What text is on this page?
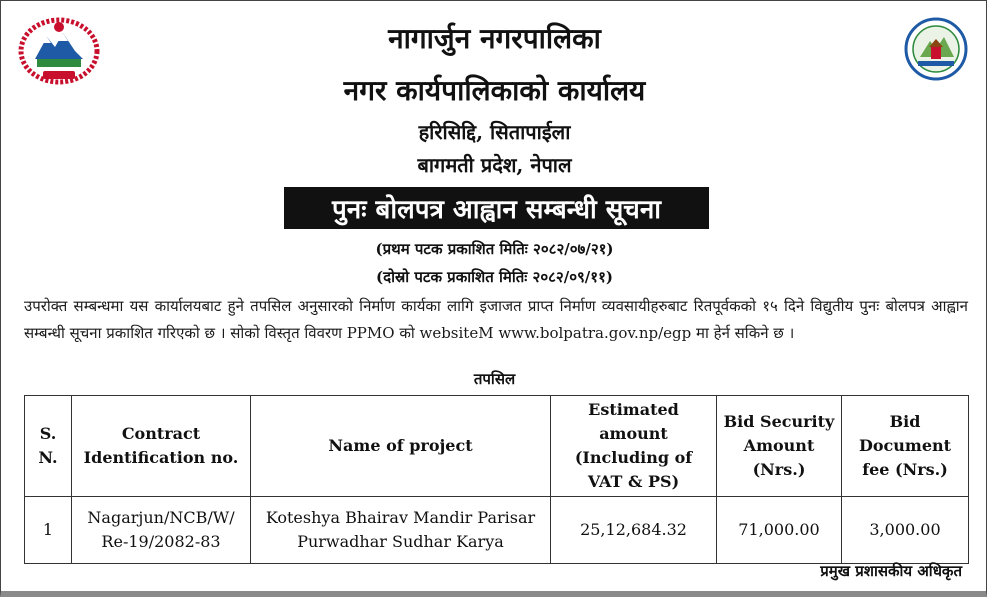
नागार्जुन नगरपालिका
नगर कार्यपालिकाको कार्यालय
हरिसिद्दि, सितापाईला
बागमती प्रदेश, नेपाल
पुनः बोलपत्र आह्वान सम्बन्धी सूचना
(प्रथम पटक प्रकाशित मितिः २०८२/०७/२१)
(दोस्रो पटक प्रकाशित मितिः २०८२/०९/११)
उपरोक्त सम्बन्धमा यस कार्यालयबाट हुने तपसिल अनुसारको निर्माण कार्यका लागि इजाजत प्राप्त निर्माण व्यवसायीहरुबाट रितपूर्वकको १५ दिने विद्युतीय पुनः बोलपत्र आह्वान सम्बन्धी सूचना प्रकाशित गरिएको छ । सोको विस्तृत विवरण PPMO को websiteM www.bolpatra.gov.np/egp मा हेर्न सकिने छ ।
तपसिल
S. N.	Contract Identification no.	Name of project	Estimated amount (Including of VAT & PS)	Bid Security Amount (Nrs.)	Bid Document fee (Nrs.)
1	Nagarjun/NCB/W/ Re-19/2082-83	Koteshya Bhairav Mandir Parisar Purwadhar Sudhar Karya	25,12,684.32	71,000.00	3,000.00
प्रमुख प्रशासकीय अधिकृत
